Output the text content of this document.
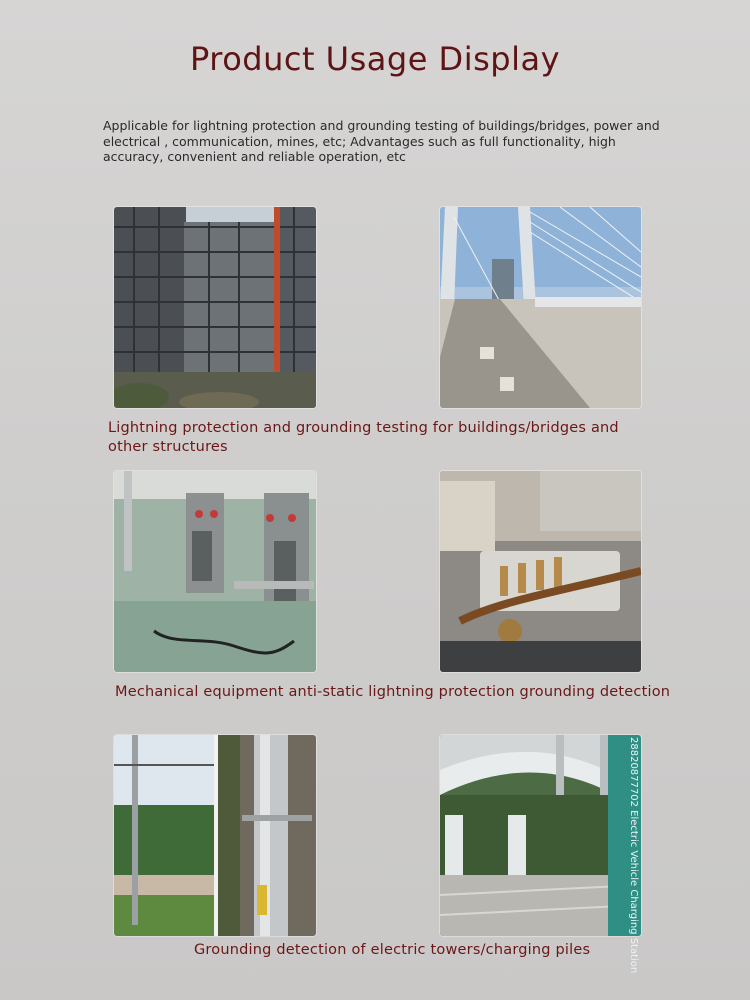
Product Usage Display
Applicable for lightning protection and grounding testing of buildings/bridges, power and electrical , communication, mines, etc; Advantages such as full functionality, high accuracy, convenient and reliable operation, etc
Lightning protection and grounding testing for buildings/bridges and other structures
Mechanical equipment anti-static lightning protection grounding detection
28820877702 Electric Vehicle Charging Station
Grounding detection of electric towers/charging piles
